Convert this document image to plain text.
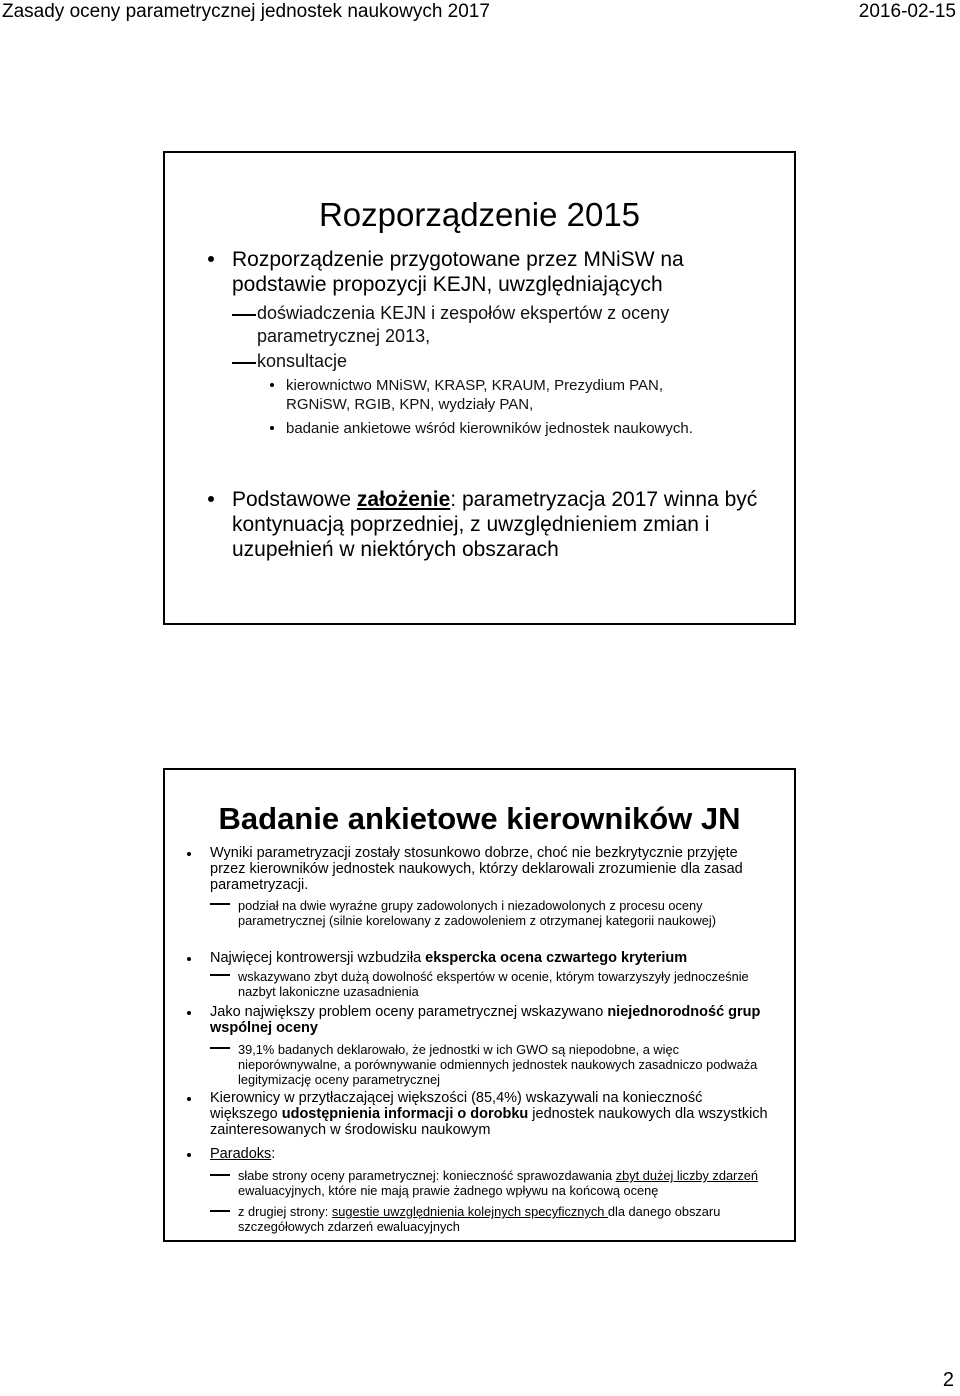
Zasady oceny parametrycznej jednostek naukowych 2017	2016-02-15
Rozporządzenie 2015
Rozporządzenie przygotowane przez MNiSW na podstawie propozycji KEJN, uwzględniających
doświadczenia KEJN i zespołów ekspertów z oceny parametrycznej 2013,
konsultacje
kierownictwo MNiSW, KRASP, KRAUM, Prezydium PAN, RGNiSW, RGIB, KPN, wydziały PAN,
badanie ankietowe wśród kierowników jednostek naukowych.
Podstawowe założenie: parametryzacja 2017 winna być kontynuacją poprzedniej, z uwzględnieniem zmian i uzupełnień w niektórych obszarach
Badanie ankietowe kierowników JN
Wyniki parametryzacji zostały stosunkowo dobrze, choć nie bezkrytycznie przyjęte przez kierowników jednostek naukowych, którzy deklarowali zrozumienie dla zasad parametryzacji.
podział na dwie wyraźne grupy zadowolonych i niezadowolonych z procesu oceny parametrycznej (silnie korelowany z zadowoleniem z otrzymanej kategorii naukowej)
Najwięcej kontrowersji wzbudziła ekspercka ocena czwartego kryterium
wskazywano zbyt dużą dowolność ekspertów w ocenie, którym towarzyszyły jednocześnie nazbyt lakoniczne uzasadnienia
Jako największy problem oceny parametrycznej wskazywano niejednorodność grup wspólnej oceny
39,1% badanych deklarowało, że jednostki w ich GWO są niepodobne, a więc nieporównywalne, a porównywanie odmiennych jednostek naukowych zasadniczo podważa legitymizację oceny parametrycznej
Kierownicy w przytłaczającej większości (85,4%) wskazywali na konieczność większego udostępnienia informacji o dorobku jednostek naukowych dla wszystkich zainteresowanych w środowisku naukowym
Paradoks:
słabe strony oceny parametrycznej: konieczność sprawozdawania zbyt dużej liczby zdarzeń ewaluacyjnych, które nie mają prawie żadnego wpływu na końcową ocenę
z drugiej strony: sugestie uwzględnienia kolejnych specyficznych dla danego obszaru szczegółowych zdarzeń ewaluacyjnych
2
